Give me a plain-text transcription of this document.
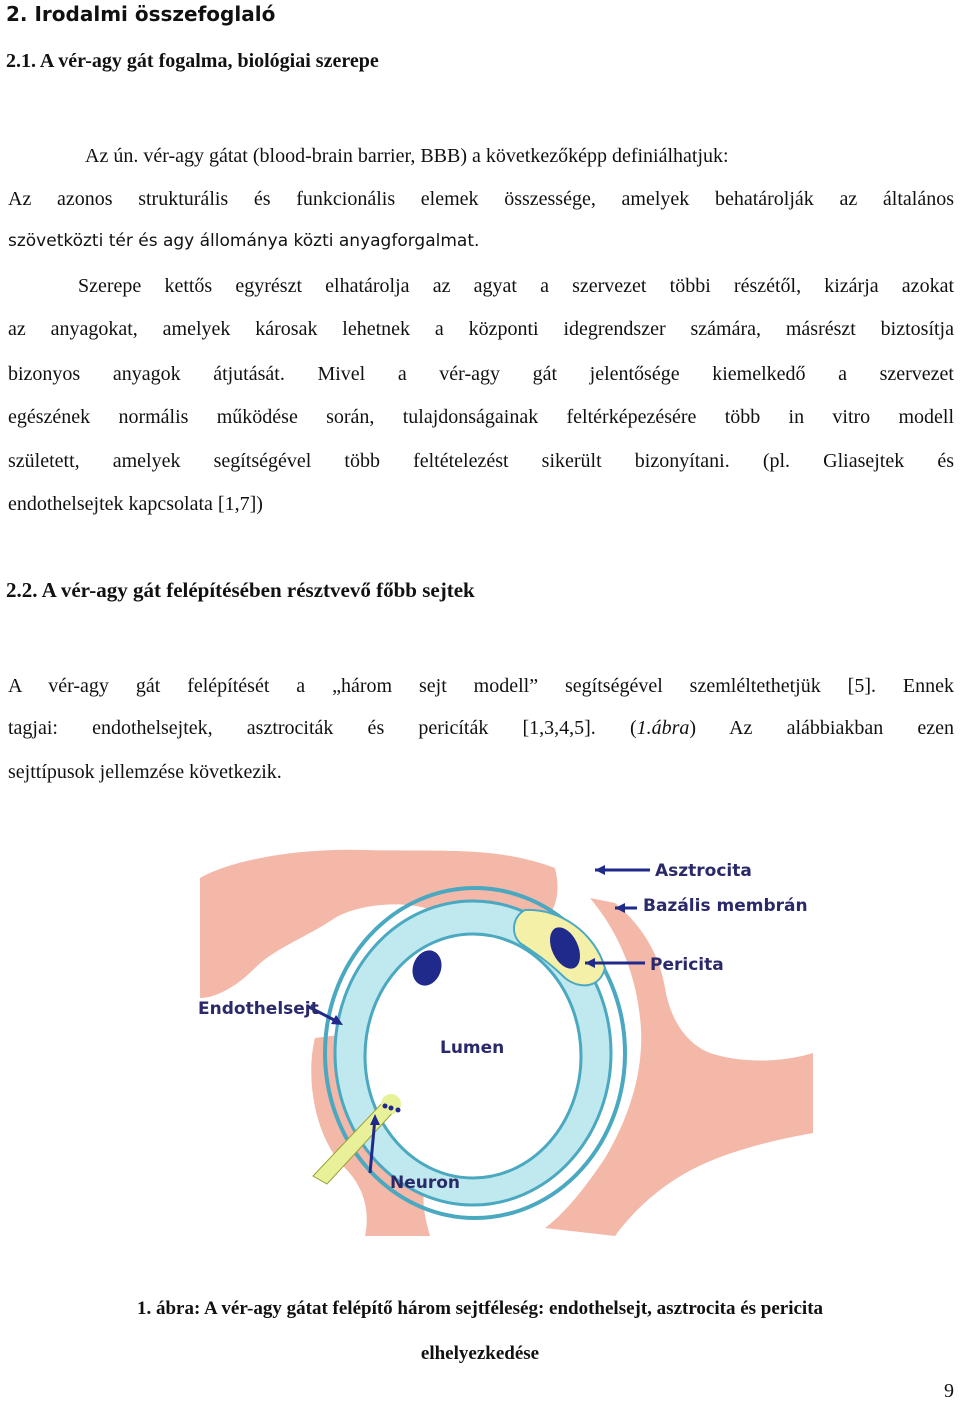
2. Irodalmi összefoglaló
2.1. A vér-agy gát fogalma, biológiai szerepe
Az ún. vér-agy gátat (blood-brain barrier, BBB) a következőképp definiálhatjuk:
Az azonos strukturális és funkcionális elemek összessége, amelyek behatárolják az általános
szövetközti tér és agy állománya közti anyagforgalmat.
Szerepe kettős egyrészt elhatárolja az agyat a szervezet többi részétől, kizárja azokat
az anyagokat, amelyek károsak lehetnek a központi idegrendszer számára, másrészt biztosítja
bizonyos anyagok átjutását. Mivel a vér-agy gát jelentősége kiemelkedő a szervezet
egészének normális működése során, tulajdonságainak feltérképezésére több in vitro modell
született, amelyek segítségével több feltételezést sikerült bizonyítani. (pl. Gliasejtek és
endothelsejtek kapcsolata [1,7])
2.2. A vér-agy gát felépítésében résztvevő főbb sejtek
A vér-agy gát felépítését a „három sejt modell” segítségével szemléltethetjük [5]. Ennek
tagjai: endothelsejtek, asztrociták és pericíták [1,3,4,5]. (1.ábra) Az alábbiakban ezen
sejttípusok jellemzése következik.
Asztrocita
Bazális membrán
Pericita
Endothelsejt
Lumen
Neuron
1. ábra: A vér-agy gátat felépítő három sejtféleség: endothelsejt, asztrocita és pericita
elhelyezkedése
9
